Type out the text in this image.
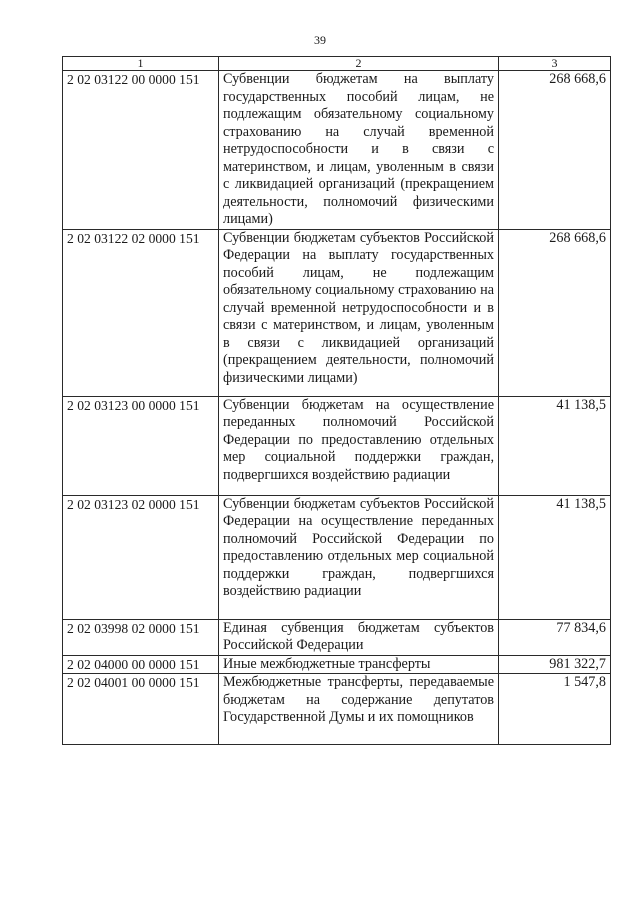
39
1	2	3
2 02 03122 00 0000 151	Субвенции бюджетам на выплату государственных пособий лицам, не подлежащим обязательному социальному страхованию на случай временной нетрудоспособности и в связи с материнством, и лицам, уволенным в связи с ликвидацией организаций (прекращением деятельности, полномочий физическими лицами)	268 668,6
2 02 03122 02 0000 151	Субвенции бюджетам субъектов Российской Федерации на выплату государственных пособий лицам, не подлежащим обязательному социальному страхованию на случай временной нетрудоспособности и в связи с материнством, и лицам, уволенным в связи с ликвидацией организаций (прекращением деятельности, полномочий физическими лицами)	268 668,6
2 02 03123 00 0000 151	Субвенции бюджетам на осуществление переданных полномочий Российской Федерации по предоставлению отдельных мер социальной поддержки граждан, подвергшихся воздействию радиации	41 138,5
2 02 03123 02 0000 151	Субвенции бюджетам субъектов Российской Федерации на осуществление переданных полномочий Российской Федерации по предоставлению отдельных мер социальной поддержки граждан, подвергшихся воздействию радиации	41 138,5
2 02 03998 02 0000 151	Единая субвенция бюджетам субъектов Российской Федерации	77 834,6
2 02 04000 00 0000 151	Иные межбюджетные трансферты	981 322,7
2 02 04001 00 0000 151	Межбюджетные трансферты, передаваемые бюджетам на содержание депутатов Государственной Думы и их помощников	1 547,8
